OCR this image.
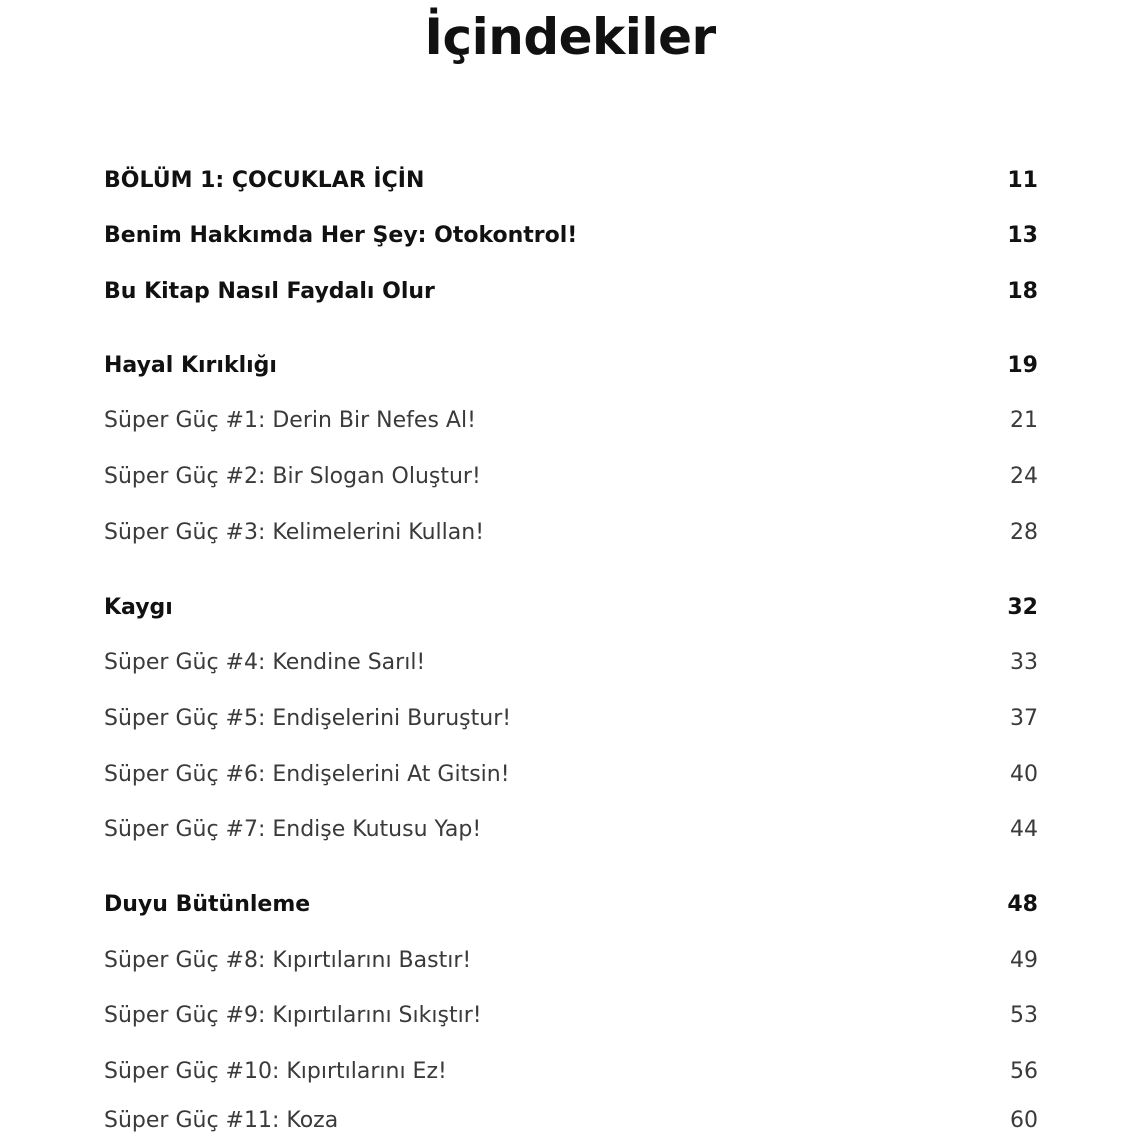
İçindekiler
BÖLÜM 1: ÇOCUKLAR İÇİN	11
Benim Hakkımda Her Şey: Otokontrol!	13
Bu Kitap Nasıl Faydalı Olur	18
Hayal Kırıklığı	19
Süper Güç #1: Derin Bir Nefes Al!	21
Süper Güç #2: Bir Slogan Oluştur!	24
Süper Güç #3: Kelimelerini Kullan!	28
Kaygı	32
Süper Güç #4: Kendine Sarıl!	33
Süper Güç #5: Endişelerini Buruştur!	37
Süper Güç #6: Endişelerini At Gitsin!	40
Süper Güç #7: Endişe Kutusu Yap!	44
Duyu Bütünleme	48
Süper Güç #8: Kıpırtılarını Bastır!	49
Süper Güç #9: Kıpırtılarını Sıkıştır!	53
Süper Güç #10: Kıpırtılarını Ez!	56
Süper Güç #11: Koza	60
